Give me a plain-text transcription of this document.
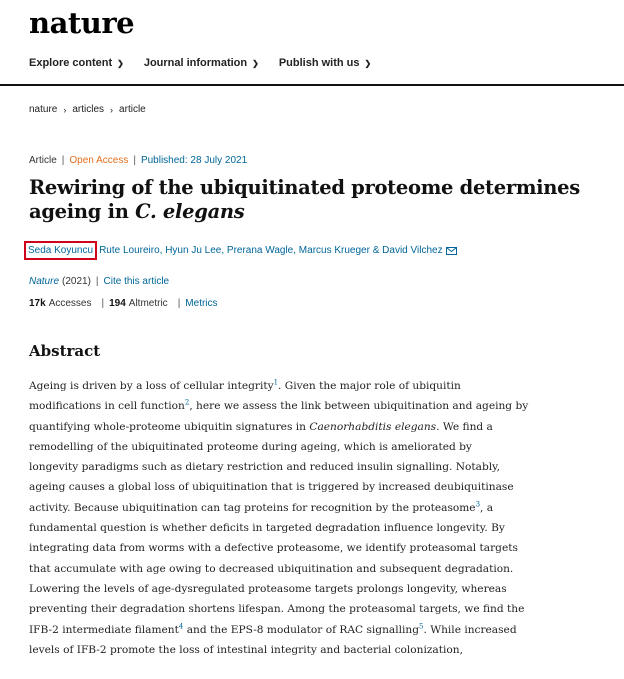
nature
Explore content ❯ Journal information ❯ Publish with us ❯
nature › articles › article
Article | Open Access | Published: 28 July 2021
Rewiring of the ubiquitinated proteome determines ageing in C. elegans
Seda Koyuncu Rute Loureiro, Hyun Ju Lee, Prerana Wagle, Marcus Krueger & David Vilchez
Nature (2021) | Cite this article
17k Accesses | 194 Altmetric | Metrics
Abstract
Ageing is driven by a loss of cellular integrity$^1$. Given the major role of ubiquitin
modifications in cell function$^2$, here we assess the link between ubiquitination and ageing by
quantifying whole-proteome ubiquitin signatures in Caenorhabditis elegans. We find a
remodelling of the ubiquitinated proteome during ageing, which is ameliorated by
longevity paradigms such as dietary restriction and reduced insulin signalling. Notably,
ageing causes a global loss of ubiquitination that is triggered by increased deubiquitinase
activity. Because ubiquitination can tag proteins for recognition by the proteasome$^3$, a
fundamental question is whether deficits in targeted degradation influence longevity. By
integrating data from worms with a defective proteasome, we identify proteasomal targets
that accumulate with age owing to decreased ubiquitination and subsequent degradation.
Lowering the levels of age-dysregulated proteasome targets prolongs longevity, whereas
preventing their degradation shortens lifespan. Among the proteasomal targets, we find the
IFB-2 intermediate filament$^4$ and the EPS-8 modulator of RAC signalling$^5$. While increased
levels of IFB-2 promote the loss of intestinal integrity and bacterial colonization,
